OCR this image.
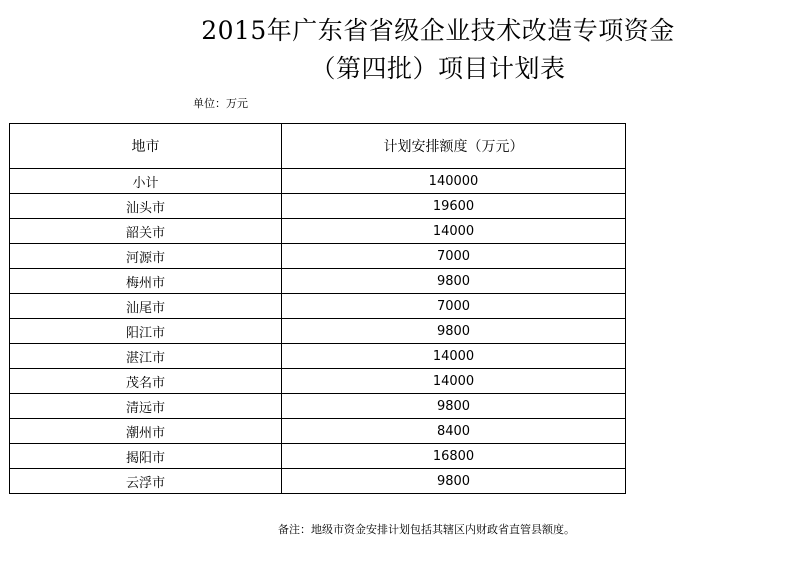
2015年广东省省级企业技术改造专项资金
（第四批）项目计划表
单位：万元
地市	计划安排额度（万元）
小计	140000
汕头市	19600
韶关市	14000
河源市	7000
梅州市	9800
汕尾市	7000
阳江市	9800
湛江市	14000
茂名市	14000
清远市	9800
潮州市	8400
揭阳市	16800
云浮市	9800
备注：地级市资金安排计划包括其辖区内财政省直管县额度。
